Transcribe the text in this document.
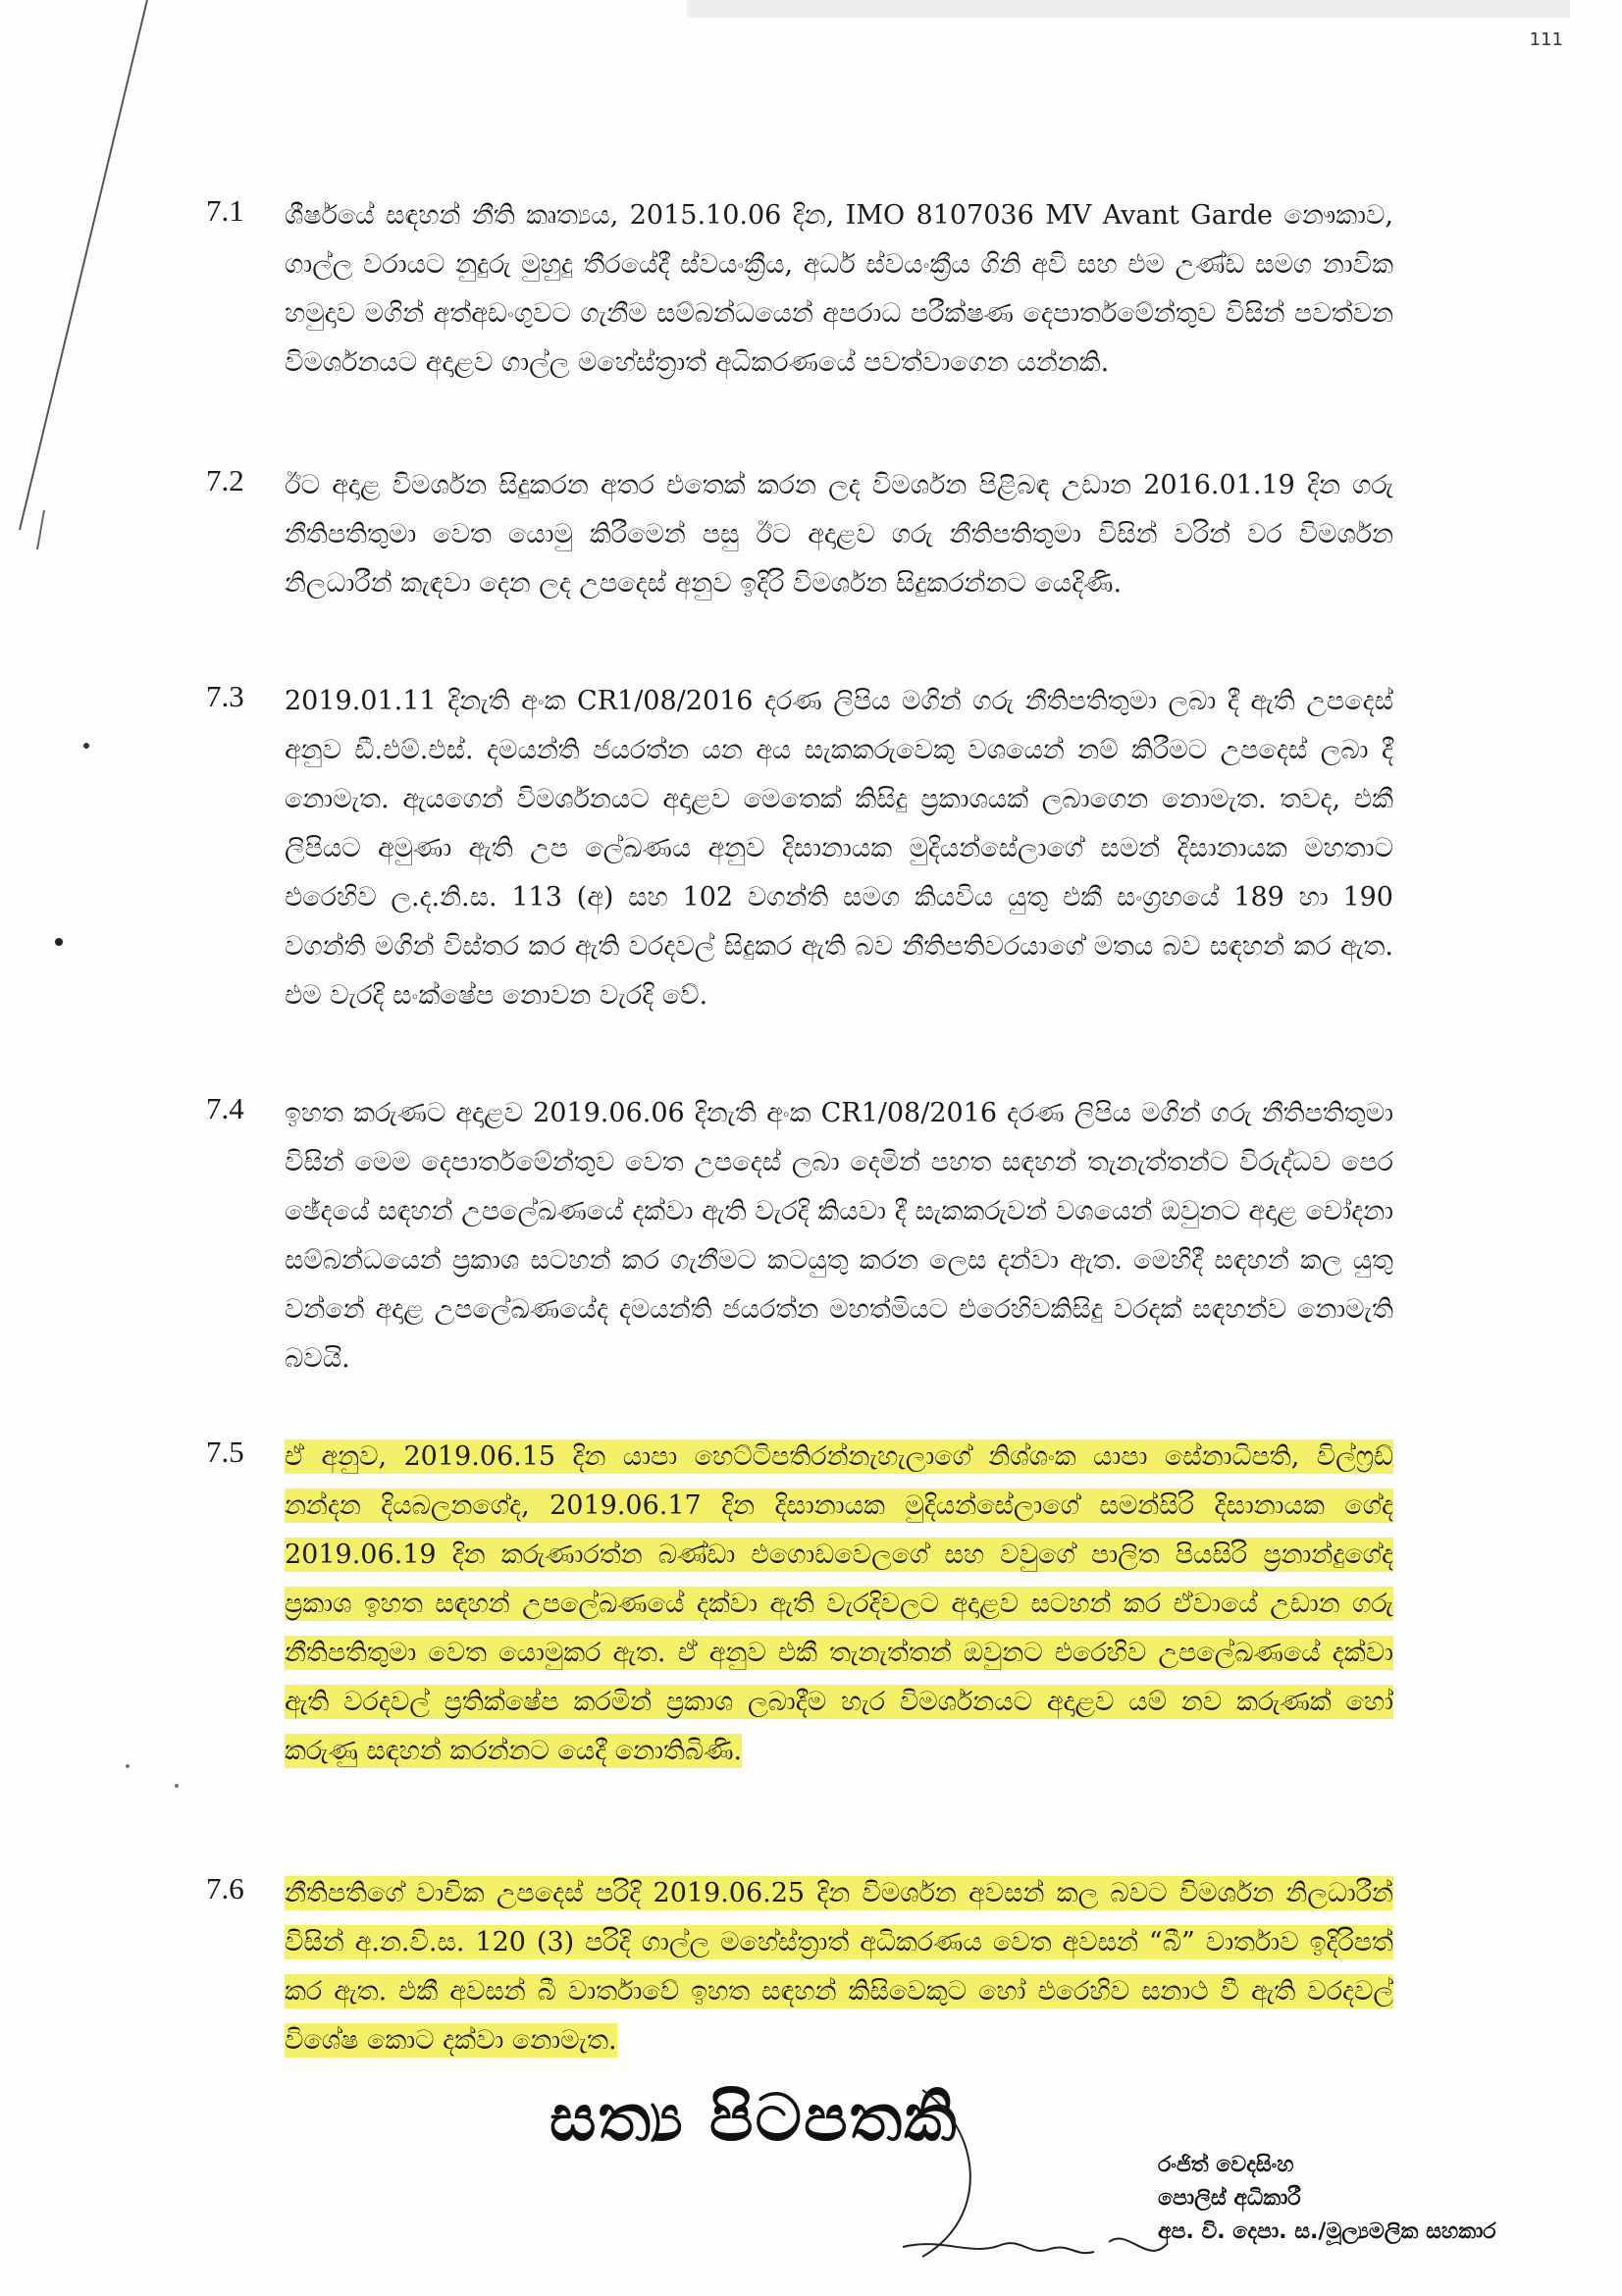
111
7.1 ශීර්ෂයේ සඳහන් නීති කෘත්‍යය, 2015.10.06 දින, IMO 8107036 MV Avant Garde නෞකාව, ගාල්ල වරායට නුදුරු මුහුදු තීරයේදී ස්වයංක්‍රීය, අර්ධ ස්වයංක්‍රීය ගිනි අවි සහ එම උණ්ඩ සමග නාවික හමුදාව මගින් අත්අඩංගුවට ගැනීම සම්බන්ධයෙන් අපරාධ පරීක්ෂණ දෙපාර්තමේන්තුව විසින් පවත්වන විමර්ශනයට අදාළව ගාල්ල මහේස්ත්‍රාත් අධිකරණයේ පවත්වාගෙන යන්නකි.

7.2 ඊට අදාළ විමර්ශන සිදුකරන අතර එතෙක් කරන ලද විමර්ශන පිළිබඳ උඩාන 2016.01.19 දින ගරු නීතිපතිතුමා වෙත යොමු කිරීමෙන් පසු ඊට අදාළව ගරු නීතිපතිතුමා විසින් වරින් වර විමර්ශන නිලධාරීන් කැඳවා දෙන ලද උපදෙස් අනුව ඉදිරි විමර්ශන සිදුකරන්නට යෙදිණි.

7.3 2019.01.11 දිනැති අංක CR1/08/2016 දරණ ලිපිය මගින් ගරු නීතිපතිතුමා ලබා දී ඇති උපදෙස් අනුව ඩී.එම්.එස්. දමයන්ති ජයරත්න යන අය සැකකරුවෙකු වශයෙන් නම් කිරීමට උපදෙස් ලබා දී නොමැත. ඇයගෙන් විමර්ශනයට අදාළව මෙතෙක් කිසිදු ප්‍රකාශයක් ලබාගෙන නොමැත. තවද, එකී ලිපියට අමුණා ඇති උප ලේඛණය අනුව දිසානායක මුදියන්සේලාගේ සමන් දිසානායක මහතාට එරෙහිව ල.ද.නි.ස. 113 (අ) සහ 102 වගන්ති සමග කියවිය යුතු එකී සංග්‍රහයේ 189 හා 190 වගන්ති මගින් විස්තර කර ඇති වරදවල් සිදුකර ඇති බව නීතිපතිවරයාගේ මතය බව සඳහන් කර ඇත. එම වැරදි සංක්ෂේප නොවන වැරදි වේ.

7.4 ඉහත කරුණට අදාළව 2019.06.06 දිනැති අංක CR1/08/2016 දරණ ලිපිය මගින් ගරු නීතිපතිතුමා විසින් මෙම දෙපාර්තමේන්තුව වෙත උපදෙස් ලබා දෙමින් පහත සඳහන් තැනැත්තන්ට විරුද්ධව පෙර ඡේදයේ සඳහන් උපලේඛණයේ දක්වා ඇති වැරදි කියවා දී සැකකරුවන් වශයෙන් ඔවුනට අදාළ චෝදනා සම්බන්ධයෙන් ප්‍රකාශ සටහන් කර ගැනීමට කටයුතු කරන ලෙස දන්වා ඇත. මෙහිදී සඳහන් කල යුතු වන්නේ අදාළ උපලේඛණයේද දමයන්ති ජයරත්න මහත්මියට එරෙහිවකිසිදු වරදක් සඳහන්ව නොමැති බවයි.

7.5 ඒ අනුව, 2019.06.15 දින යාපා හෙට්ටිපතිරන්නැහැලාගේ නිශ්ශංක යාපා සේනාධිපති, විල්ෆ්‍රඩ් නන්දන දියබලනගේද, 2019.06.17 දින දිසානායක මුදියන්සේලාගේ සමන්සිරි දිසානායක ගේද 2019.06.19 දින කරුණාරත්න බණ්ඩා එගොඩවෙලගේ සහ වවුගේ පාලිත පියසිරි ප්‍රනාන්දුගේද ප්‍රකාශ ඉහත සඳහන් උපලේඛණයේ දක්වා ඇති වැරදිවලට අදාළව සටහන් කර ඒවායේ උඩාන ගරු නීතිපතිතුමා වෙත යොමුකර ඇත. ඒ අනුව එකී තැනැත්තන් ඔවුනට එරෙහිව උපලේඛණයේ දක්වා ඇති වරදවල් ප්‍රතික්ෂේප කරමින් ප්‍රකාශ ලබාදීම හැර විමර්ශනයට අදාළව යම් නව කරුණක් හෝ කරුණු සඳහන් කරන්නට යෙදී නොතිබිණි.

7.6 නීතිපතිගේ වාචික උපදෙස් පරිදි 2019.06.25 දින විමර්ශන අවසන් කල බවට විමර්ශන නිලධාරීන් විසින් අ.න.වි.ස. 120 (3) පරිදි ගාල්ල මහේස්ත්‍රාත් අධිකරණය වෙත අවසන් “බී” වාර්තාව ඉදිරිපත් කර ඇත. එකී අවසන් බී වාර්තාවේ ඉහත සඳහන් කිසිවෙකුට හෝ එරෙහිව සනාථ වී ඇති වරදවල් විශේෂ කොට දක්වා නොමැත.

සත්‍ය පිටපතකි
රංජිත් වෙදසිංහ
පොලිස් අධිකාරී
අප. වි. දෙපා. ස./මූල්‍යමලික සහකාර
